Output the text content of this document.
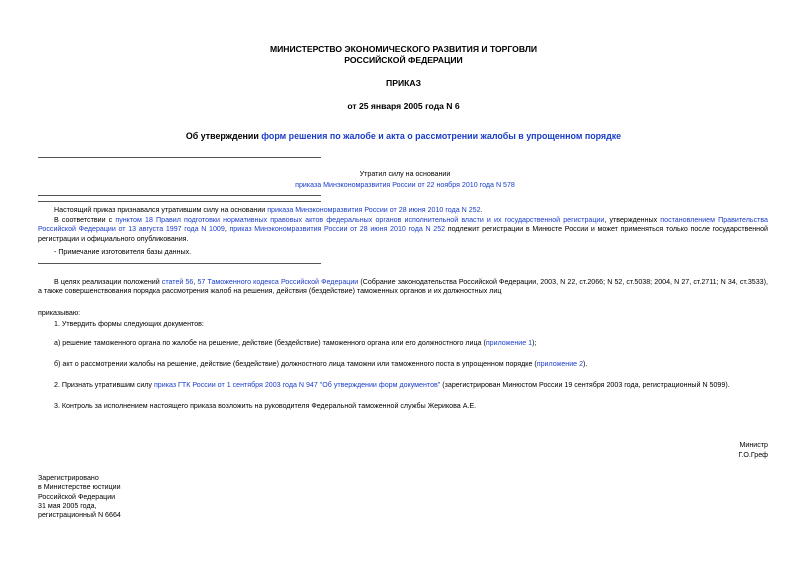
МИНИСТЕРСТВО ЭКОНОМИЧЕСКОГО РАЗВИТИЯ И ТОРГОВЛИ
РОССИЙСКОЙ ФЕДЕРАЦИИ
ПРИКАЗ
от 25 января 2005 года N 6
Об утверждении форм решения по жалобе и акта о рассмотрении жалобы в упрощенном порядке
Утратил силу на основании
приказа Минэкономразвития России от 22 ноября 2010 года N 578
Настоящий приказ признавался утратившим силу на основании приказа Минэкономразвития России от 28 июня 2010 года N 252.
В соответствии с пунктом 18 Правил подготовки нормативных правовых актов федеральных органов исполнительной власти и их государственной регистрации, утвержденных постановлением Правительства Российской Федерации от 13 августа 1997 года N 1009, приказ Минэкономразвития России от 28 июня 2010 года N 252 подлежит регистрации в Минюсте России и может применяться только после государственной регистрации и официального опубликования.
- Примечание изготовителя базы данных.
В целях реализации положений статей 56, 57 Таможенного кодекса Российской Федерации (Собрание законодательства Российской Федерации, 2003, N 22, ст.2066; N 52, ст.5038; 2004, N 27, ст.2711; N 34, ст.3533), а также совершенствования порядка рассмотрения жалоб на решения, действия (бездействие) таможенных органов и их должностных лиц
приказываю:
1. Утвердить формы следующих документов:
а) решение таможенного органа по жалобе на решение, действие (бездействие) таможенного органа или его должностного лица (приложение 1);
б) акт о рассмотрении жалобы на решение, действие (бездействие) должностного лица таможни или таможенного поста в упрощенном порядке (приложение 2).
2. Признать утратившим силу приказ ГТК России от 1 сентября 2003 года N 947 "Об утверждении форм документов" (зарегистрирован Минюстом России 19 сентября 2003 года, регистрационный N 5099).
3. Контроль за исполнением настоящего приказа возложить на руководителя Федеральной таможенной службы Жерикова А.Е.
Министр
Г.О.Греф
Зарегистрировано
в Министерстве юстиции
Российской Федерации
31 мая 2005 года,
регистрационный N 6664
